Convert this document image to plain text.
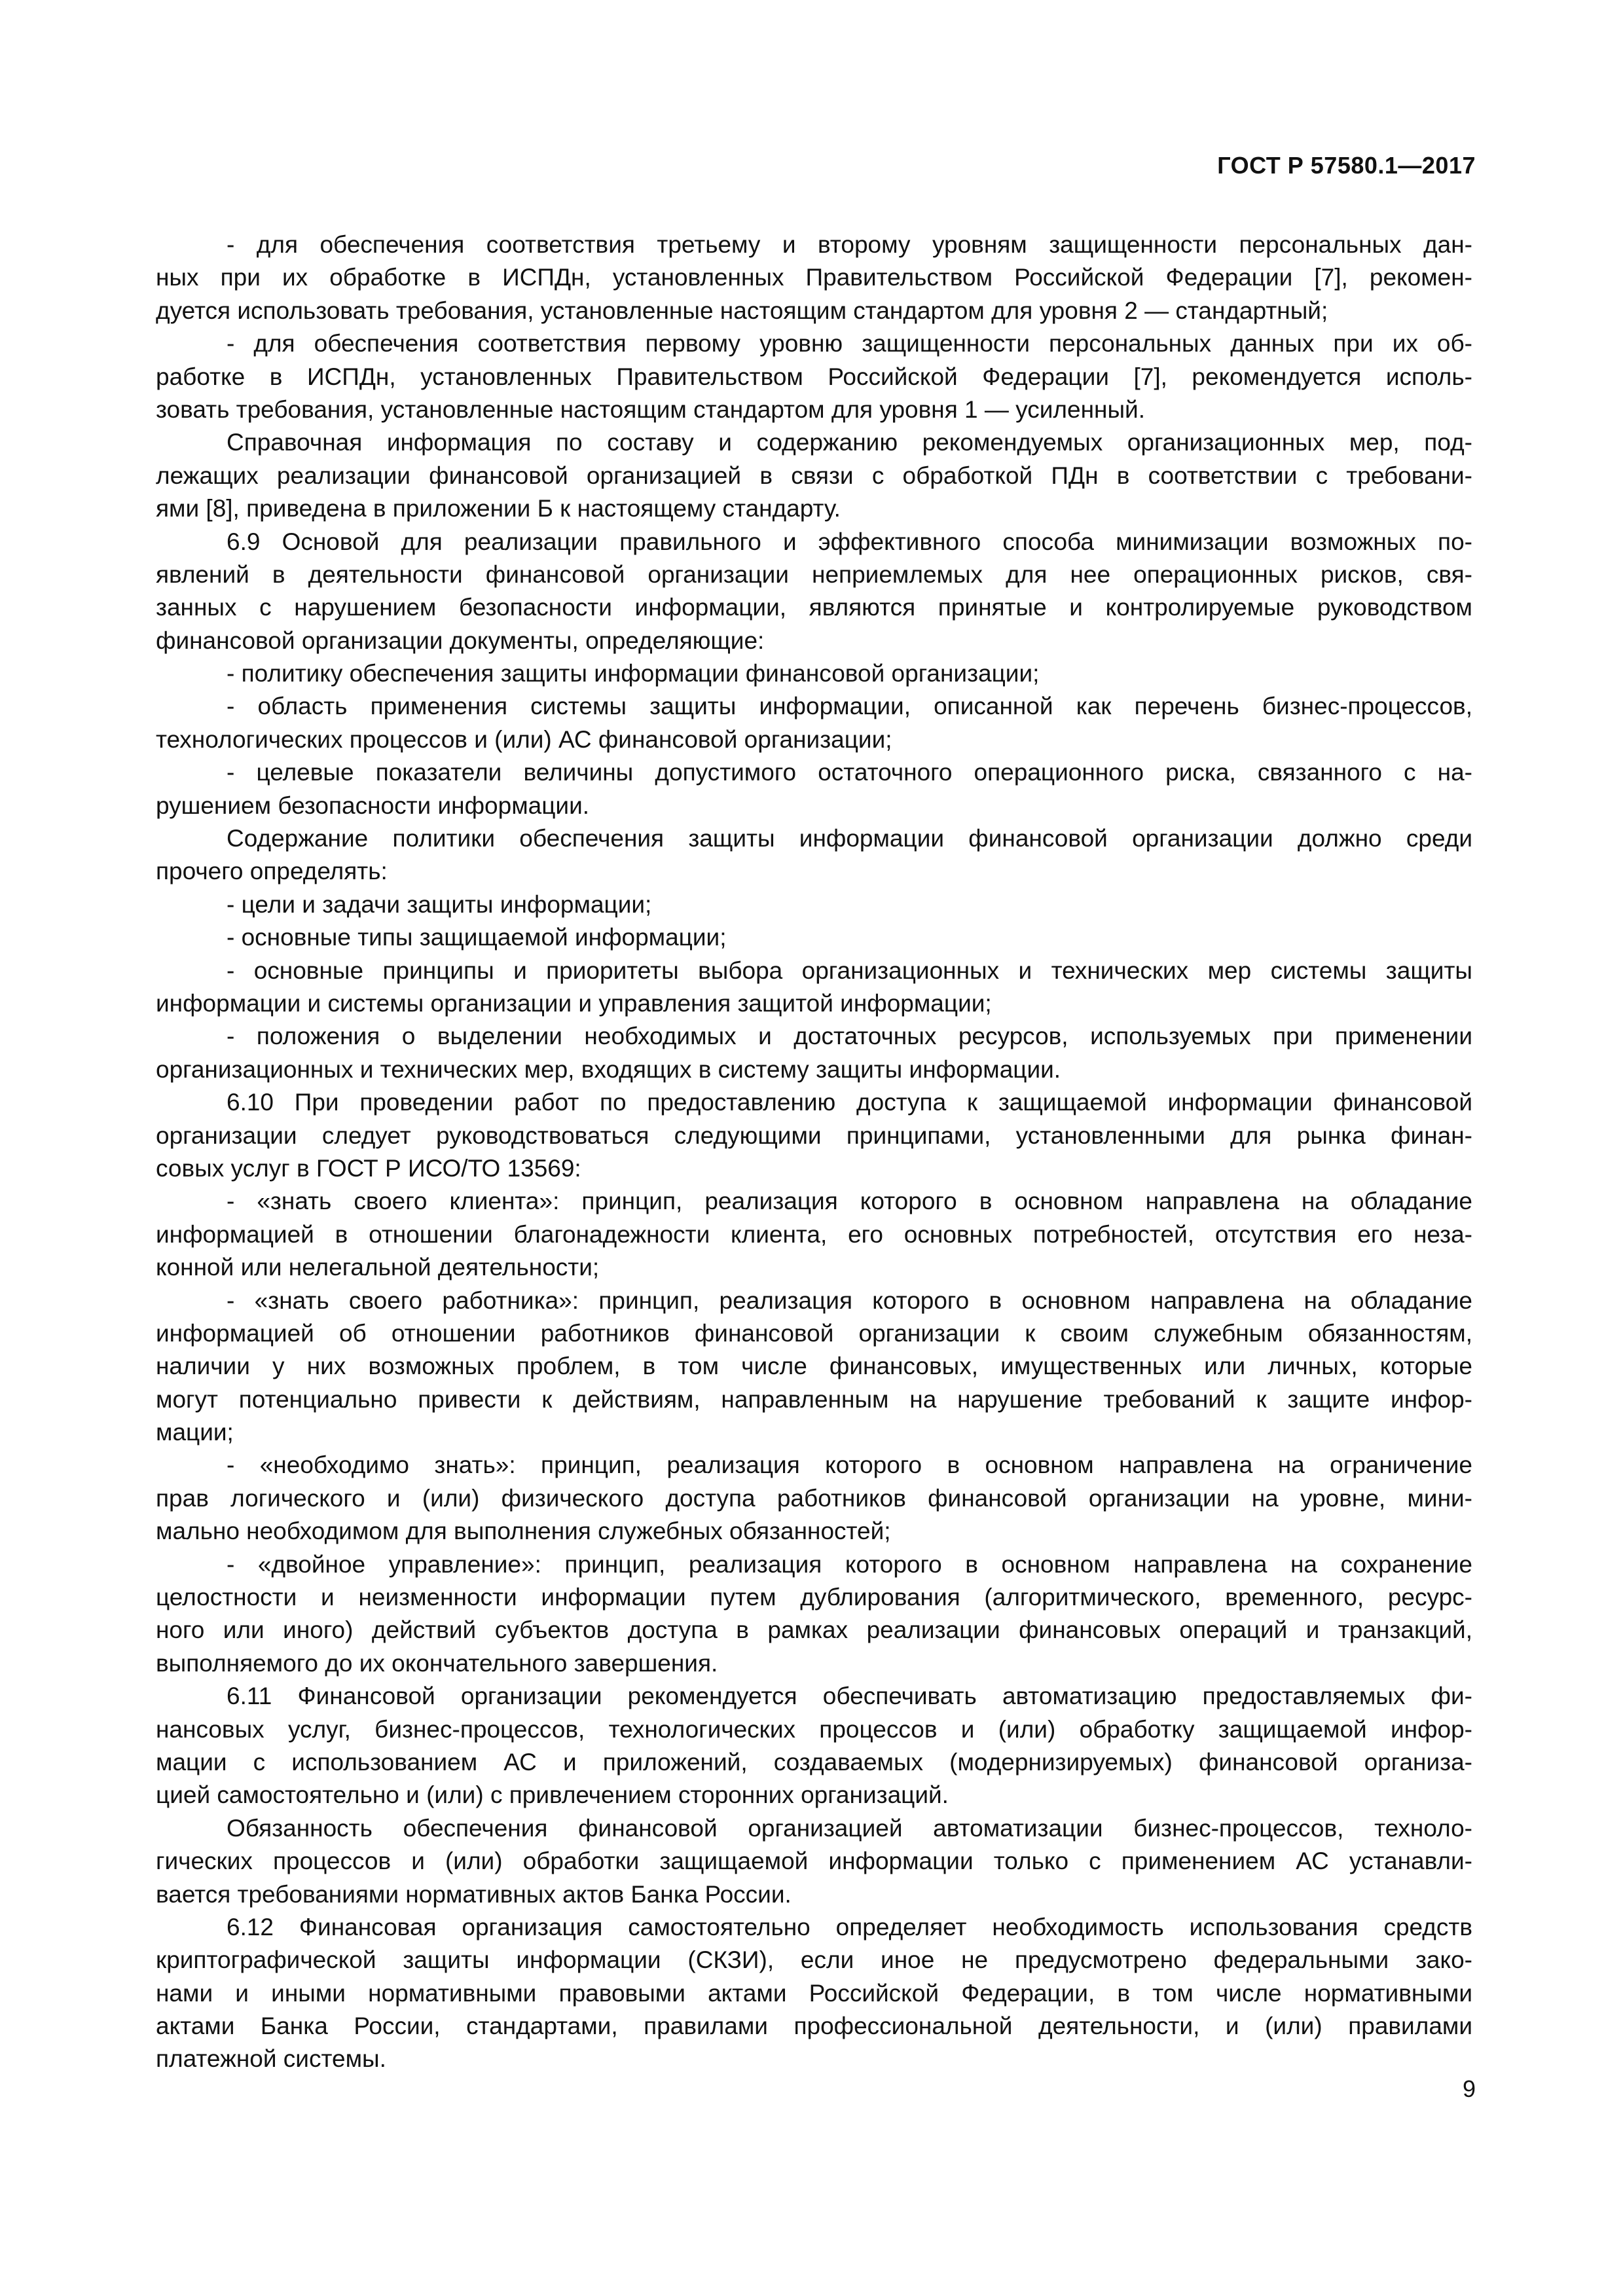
ГОСТ Р 57580.1—2017
- для обеспечения соответствия третьему и второму уровням защищенности персональных дан-
ных при их обработке в ИСПДн, установленных Правительством Российской Федерации [7], рекомен-
дуется использовать требования, установленные настоящим стандартом для уровня 2 — стандартный;
- для обеспечения соответствия первому уровню защищенности персональных данных при их об-
работке в ИСПДн, установленных Правительством Российской Федерации [7], рекомендуется исполь-
зовать требования, установленные настоящим стандартом для уровня 1 — усиленный.
Справочная информация по составу и содержанию рекомендуемых организационных мер, под-
лежащих реализации финансовой организацией в связи с обработкой ПДн в соответствии с требовани-
ями [8], приведена в приложении Б к настоящему стандарту.
6.9 Основой для реализации правильного и эффективного способа минимизации возможных по-
явлений в деятельности финансовой организации неприемлемых для нее операционных рисков, свя-
занных с нарушением безопасности информации, являются принятые и контролируемые руководством
финансовой организации документы, определяющие:
- политику обеспечения защиты информации финансовой организации;
- область применения системы защиты информации, описанной как перечень бизнес-процессов,
технологических процессов и (или) АС финансовой организации;
- целевые показатели величины допустимого остаточного операционного риска, связанного с на-
рушением безопасности информации.
Содержание политики обеспечения защиты информации финансовой организации должно среди
прочего определять:
- цели и задачи защиты информации;
- основные типы защищаемой информации;
- основные принципы и приоритеты выбора организационных и технических мер системы защиты
информации и системы организации и управления защитой информации;
- положения о выделении необходимых и достаточных ресурсов, используемых при применении
организационных и технических мер, входящих в систему защиты информации.
6.10 При проведении работ по предоставлению доступа к защищаемой информации финансовой
организации следует руководствоваться следующими принципами, установленными для рынка финан-
совых услуг в ГОСТ Р ИСО/ТО 13569:
- «знать своего клиента»: принцип, реализация которого в основном направлена на обладание
информацией в отношении благонадежности клиента, его основных потребностей, отсутствия его неза-
конной или нелегальной деятельности;
- «знать своего работника»: принцип, реализация которого в основном направлена на обладание
информацией об отношении работников финансовой организации к своим служебным обязанностям,
наличии у них возможных проблем, в том числе финансовых, имущественных или личных, которые
могут потенциально привести к действиям, направленным на нарушение требований к защите инфор-
мации;
- «необходимо знать»: принцип, реализация которого в основном направлена на ограничение
прав логического и (или) физического доступа работников финансовой организации на уровне, мини-
мально необходимом для выполнения служебных обязанностей;
- «двойное управление»: принцип, реализация которого в основном направлена на сохранение
целостности и неизменности информации путем дублирования (алгоритмического, временного, ресурс-
ного или иного) действий субъектов доступа в рамках реализации финансовых операций и транзакций,
выполняемого до их окончательного завершения.
6.11 Финансовой организации рекомендуется обеспечивать автоматизацию предоставляемых фи-
нансовых услуг, бизнес-процессов, технологических процессов и (или) обработку защищаемой инфор-
мации с использованием АС и приложений, создаваемых (модернизируемых) финансовой организа-
цией самостоятельно и (или) с привлечением сторонних организаций.
Обязанность обеспечения финансовой организацией автоматизации бизнес-процессов, техноло-
гических процессов и (или) обработки защищаемой информации только с применением АС устанавли-
вается требованиями нормативных актов Банка России.
6.12 Финансовая организация самостоятельно определяет необходимость использования средств
криптографической защиты информации (СКЗИ), если иное не предусмотрено федеральными зако-
нами и иными нормативными правовыми актами Российской Федерации, в том числе нормативными
актами Банка России, стандартами, правилами профессиональной деятельности, и (или) правилами
платежной системы.
9
